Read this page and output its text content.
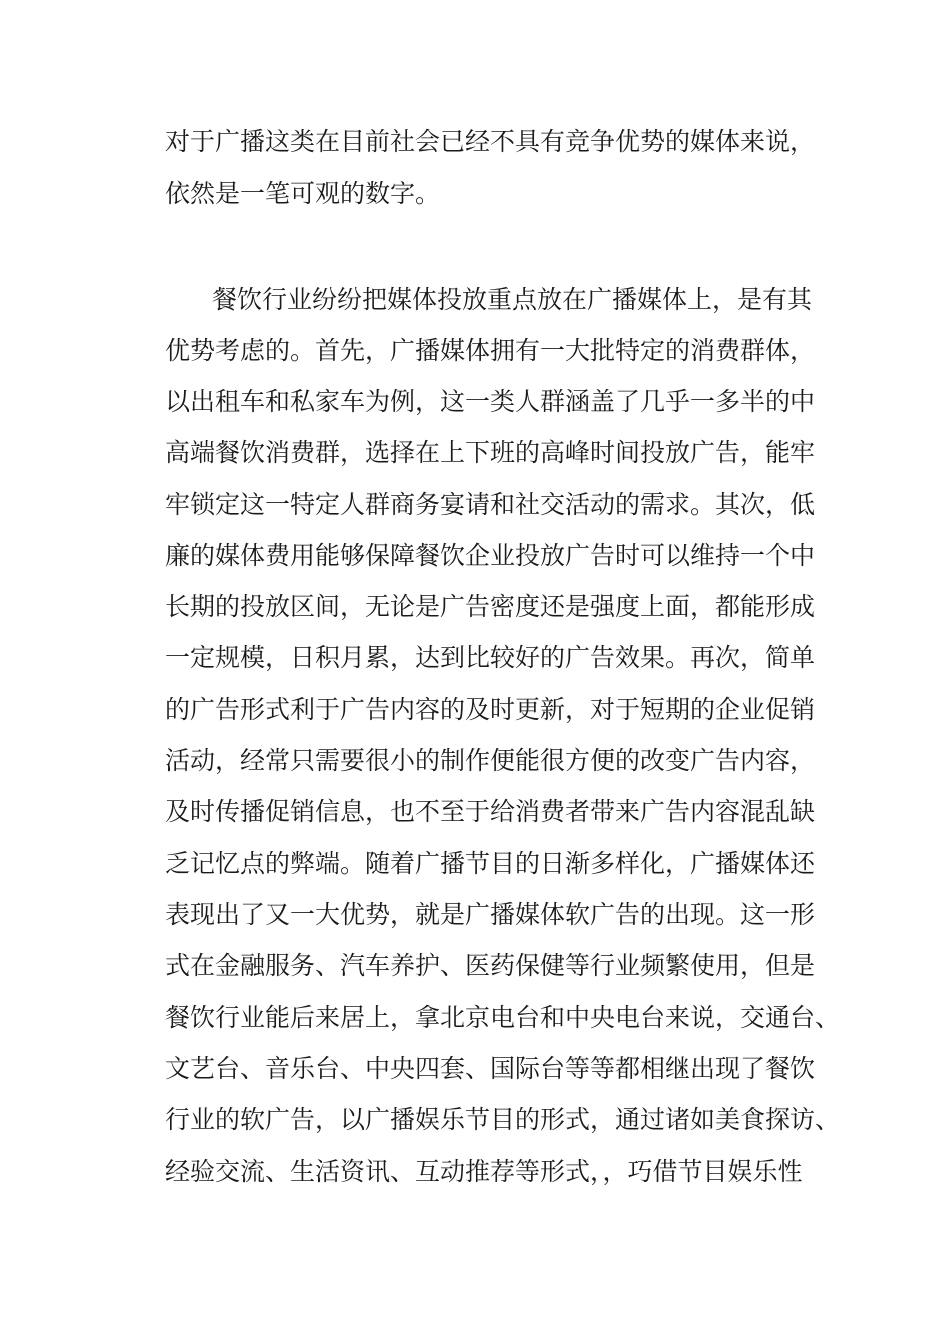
对于广播这类在目前社会已经不具有竞争优势的媒体来说，

依然是一笔可观的数字。

餐饮行业纷纷把媒体投放重点放在广播媒体上，是有其

优势考虑的。首先，广播媒体拥有一大批特定的消费群体，

以出租车和私家车为例，这一类人群涵盖了几乎一多半的中

高端餐饮消费群，选择在上下班的高峰时间投放广告，能牢

牢锁定这一特定人群商务宴请和社交活动的需求。其次，低

廉的媒体费用能够保障餐饮企业投放广告时可以维持一个中

长期的投放区间，无论是广告密度还是强度上面，都能形成

一定规模，日积月累，达到比较好的广告效果。再次，简单

的广告形式利于广告内容的及时更新，对于短期的企业促销

活动，经常只需要很小的制作便能很方便的改变广告内容，

及时传播促销信息，也不至于给消费者带来广告内容混乱缺

乏记忆点的弊端。随着广播节目的日渐多样化，广播媒体还

表现出了又一大优势，就是广播媒体软广告的出现。这一形

式在金融服务、汽车养护、医药保健等行业频繁使用，但是

餐饮行业能后来居上，拿北京电台和中央电台来说，交通台、

文艺台、音乐台、中央四套、国际台等等都相继出现了餐饮

行业的软广告，以广播娱乐节目的形式，通过诸如美食探访、

经验交流、生活资讯、互动推荐等形式，，巧借节目娱乐性
